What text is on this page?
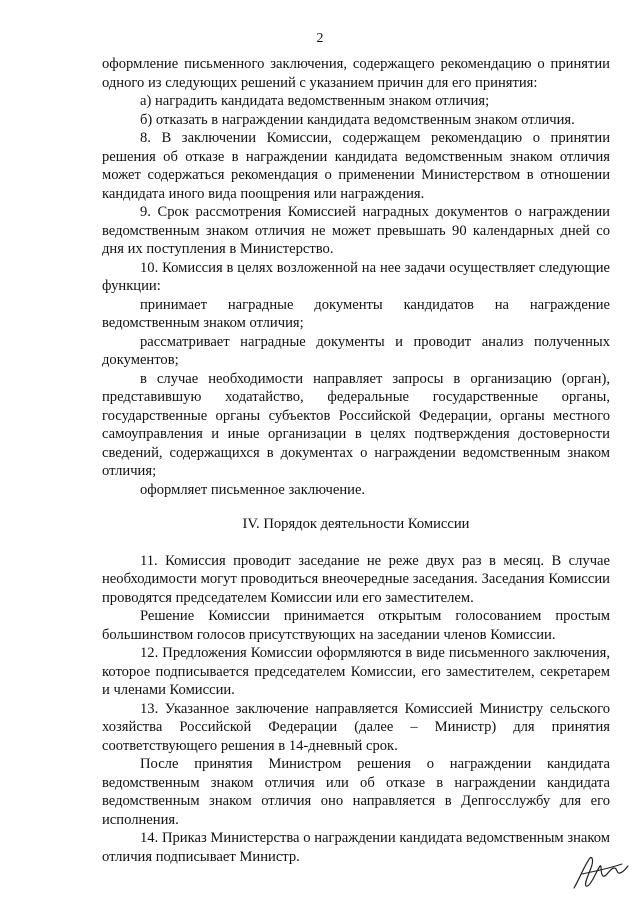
2

оформление письменного заключения, содержащего рекомендацию о принятии одного из следующих решений с указанием причин для его принятия:

а) наградить кандидата ведомственным знаком отличия;

б) отказать в награждении кандидата ведомственным знаком отличия.

8. В заключении Комиссии, содержащем рекомендацию о принятии решения об отказе в награждении кандидата ведомственным знаком отличия может содержаться рекомендация о применении Министерством в отношении кандидата иного вида поощрения или награждения.

9. Срок рассмотрения Комиссией наградных документов о награждении ведомственным знаком отличия не может превышать 90 календарных дней со дня их поступления в Министерство.

10. Комиссия в целях возложенной на нее задачи осуществляет следующие функции:

принимает наградные документы кандидатов на награждение ведомственным знаком отличия;

рассматривает наградные документы и проводит анализ полученных документов;

в случае необходимости направляет запросы в организацию (орган), представившую ходатайство, федеральные государственные органы, государственные органы субъектов Российской Федерации, органы местного самоуправления и иные организации в целях подтверждения достоверности сведений, содержащихся в документах о награждении ведомственным знаком отличия;

оформляет письменное заключение.

IV. Порядок деятельности Комиссии

11. Комиссия проводит заседание не реже двух раз в месяц. В случае необходимости могут проводиться внеочередные заседания. Заседания Комиссии проводятся председателем Комиссии или его заместителем.

Решение Комиссии принимается открытым голосованием простым большинством голосов присутствующих на заседании членов Комиссии.

12. Предложения Комиссии оформляются в виде письменного заключения, которое подписывается председателем Комиссии, его заместителем, секретарем и членами Комиссии.

13. Указанное заключение направляется Комиссией Министру сельского хозяйства Российской Федерации (далее – Министр) для принятия соответствующего решения в 14-дневный срок.

После принятия Министром решения о награждении кандидата ведомственным знаком отличия или об отказе в награждении кандидата ведомственным знаком отличия оно направляется в Депгосслужбу для его исполнения.

14. Приказ Министерства о награждении кандидата ведомственным знаком отличия подписывает Министр.
